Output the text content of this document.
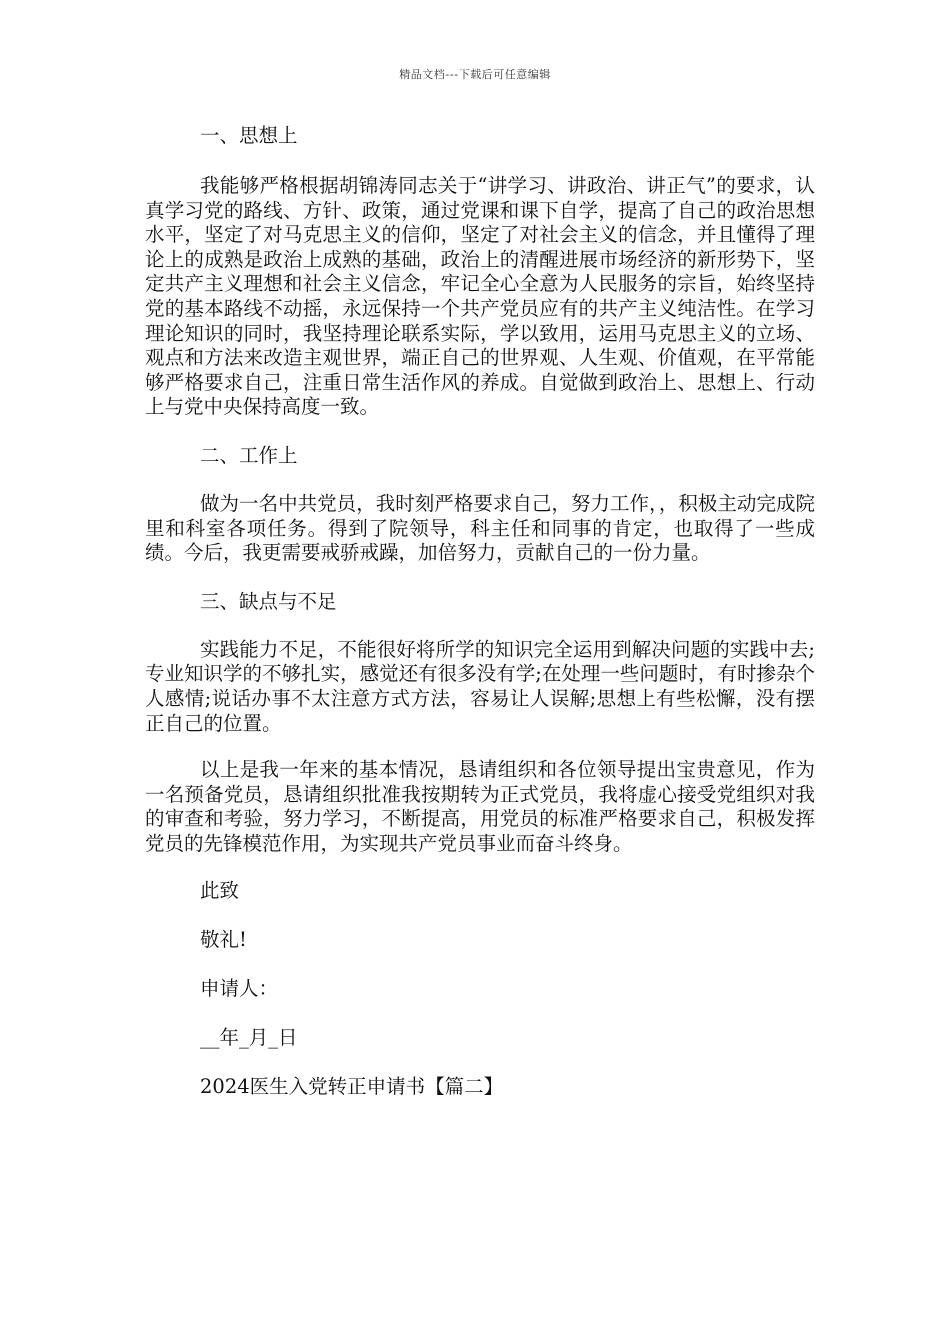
精品文档---下载后可任意编辑

一、思想上

我能够严格根据胡锦涛同志关于“讲学习、讲政治、讲正气”的要求，认真学习党的路线、方针、政策，通过党课和课下自学，提高了自己的政治思想水平，坚定了对马克思主义的信仰，坚定了对社会主义的信念，并且懂得了理论上的成熟是政治上成熟的基础，政治上的清醒进展市场经济的新形势下，坚定共产主义理想和社会主义信念，牢记全心全意为人民服务的宗旨，始终坚持党的基本路线不动摇，永远保持一个共产党员应有的共产主义纯洁性。在学习理论知识的同时，我坚持理论联系实际，学以致用，运用马克思主义的立场、观点和方法来改造主观世界，端正自己的世界观、人生观、价值观，在平常能够严格要求自己，注重日常生活作风的养成。自觉做到政治上、思想上、行动上与党中央保持高度一致。

二、工作上

做为一名中共党员，我时刻严格要求自己，努力工作，，积极主动完成院里和科室各项任务。得到了院领导，科主任和同事的肯定，也取得了一些成绩。今后，我更需要戒骄戒躁，加倍努力，贡献自己的一份力量。

三、缺点与不足

实践能力不足，不能很好将所学的知识完全运用到解决问题的实践中去;专业知识学的不够扎实，感觉还有很多没有学;在处理一些问题时，有时掺杂个人感情;说话办事不太注意方式方法，容易让人误解;思想上有些松懈，没有摆正自己的位置。

以上是我一年来的基本情况，恳请组织和各位领导提出宝贵意见，作为一名预备党员，恳请组织批准我按期转为正式党员，我将虚心接受党组织对我的审查和考验，努力学习，不断提高，用党员的标准严格要求自己，积极发挥党员的先锋模范作用，为实现共产党员事业而奋斗终身。

此致

敬礼!

申请人：

__年_月_日

2024医生入党转正申请书【篇二】
